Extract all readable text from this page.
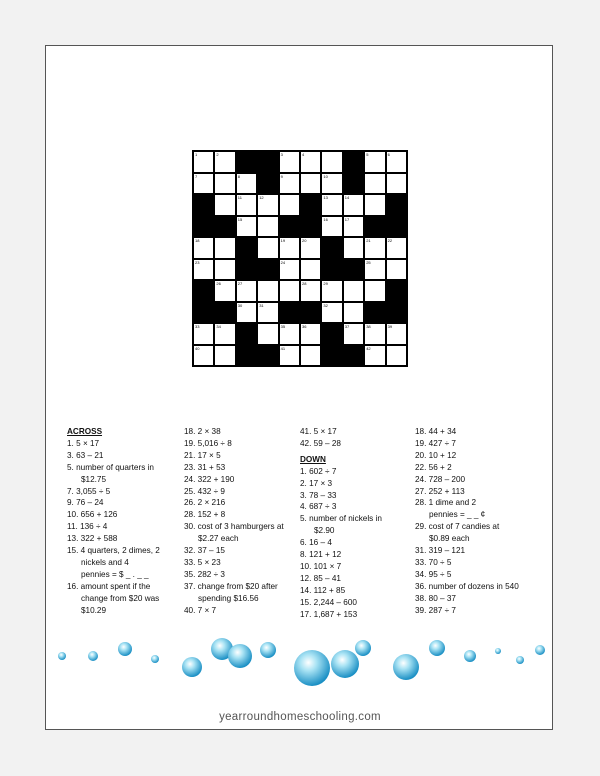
1	2	3	4	5	6
7	8	9	10
11	12	13	14
15	16	17
18	19	20	21	22
23	24	25
26	27	28	29
30	31	32
33	34	35	36	37	38	39
40	41	42
ACROSS
1. 5 × 17
3. 63 – 21
5. number of quarters in
$12.75
7. 3,055 ÷ 5
9. 76 – 24
10. 656 + 126
11. 136 ÷ 4
13. 322 + 588
15. 4 quarters, 2 dimes, 2
nickels and 4
pennies = $ _ . _ _
16. amount spent if the
change from $20 was
$10.29
18. 2 × 38
19. 5,016 ÷ 8
21. 17 × 5
23. 31 + 53
24. 322 + 190
25. 432 ÷ 9
26. 2 × 216
28. 152 + 8
30. cost of 3 hamburgers at
$2.27 each
32. 37 – 15
33. 5 × 23
35. 282 ÷ 3
37. change from $20 after
spending $16.56
40. 7 × 7
41. 5 × 17
42. 59 – 28
DOWN
1. 602 ÷ 7
2. 17 × 3
3. 78 – 33
4. 687 ÷ 3
5. number of nickels in
$2.90
6. 16 – 4
8. 121 + 12
10. 101 × 7
12. 85 – 41
14. 112 + 85
15. 2,244 – 600
17. 1,687 + 153
18. 44 + 34
19. 427 ÷ 7
20. 10 + 12
22. 56 + 2
24. 728 – 200
27. 252 + 113
28. 1 dime and 2
pennies = _ _ ¢
29. cost of 7 candies at
$0.89 each
31. 319 – 121
33. 70 ÷ 5
34. 95 ÷ 5
36. number of dozens in 540
38. 80 – 37
39. 287 ÷ 7
yearroundhomeschooling.com
